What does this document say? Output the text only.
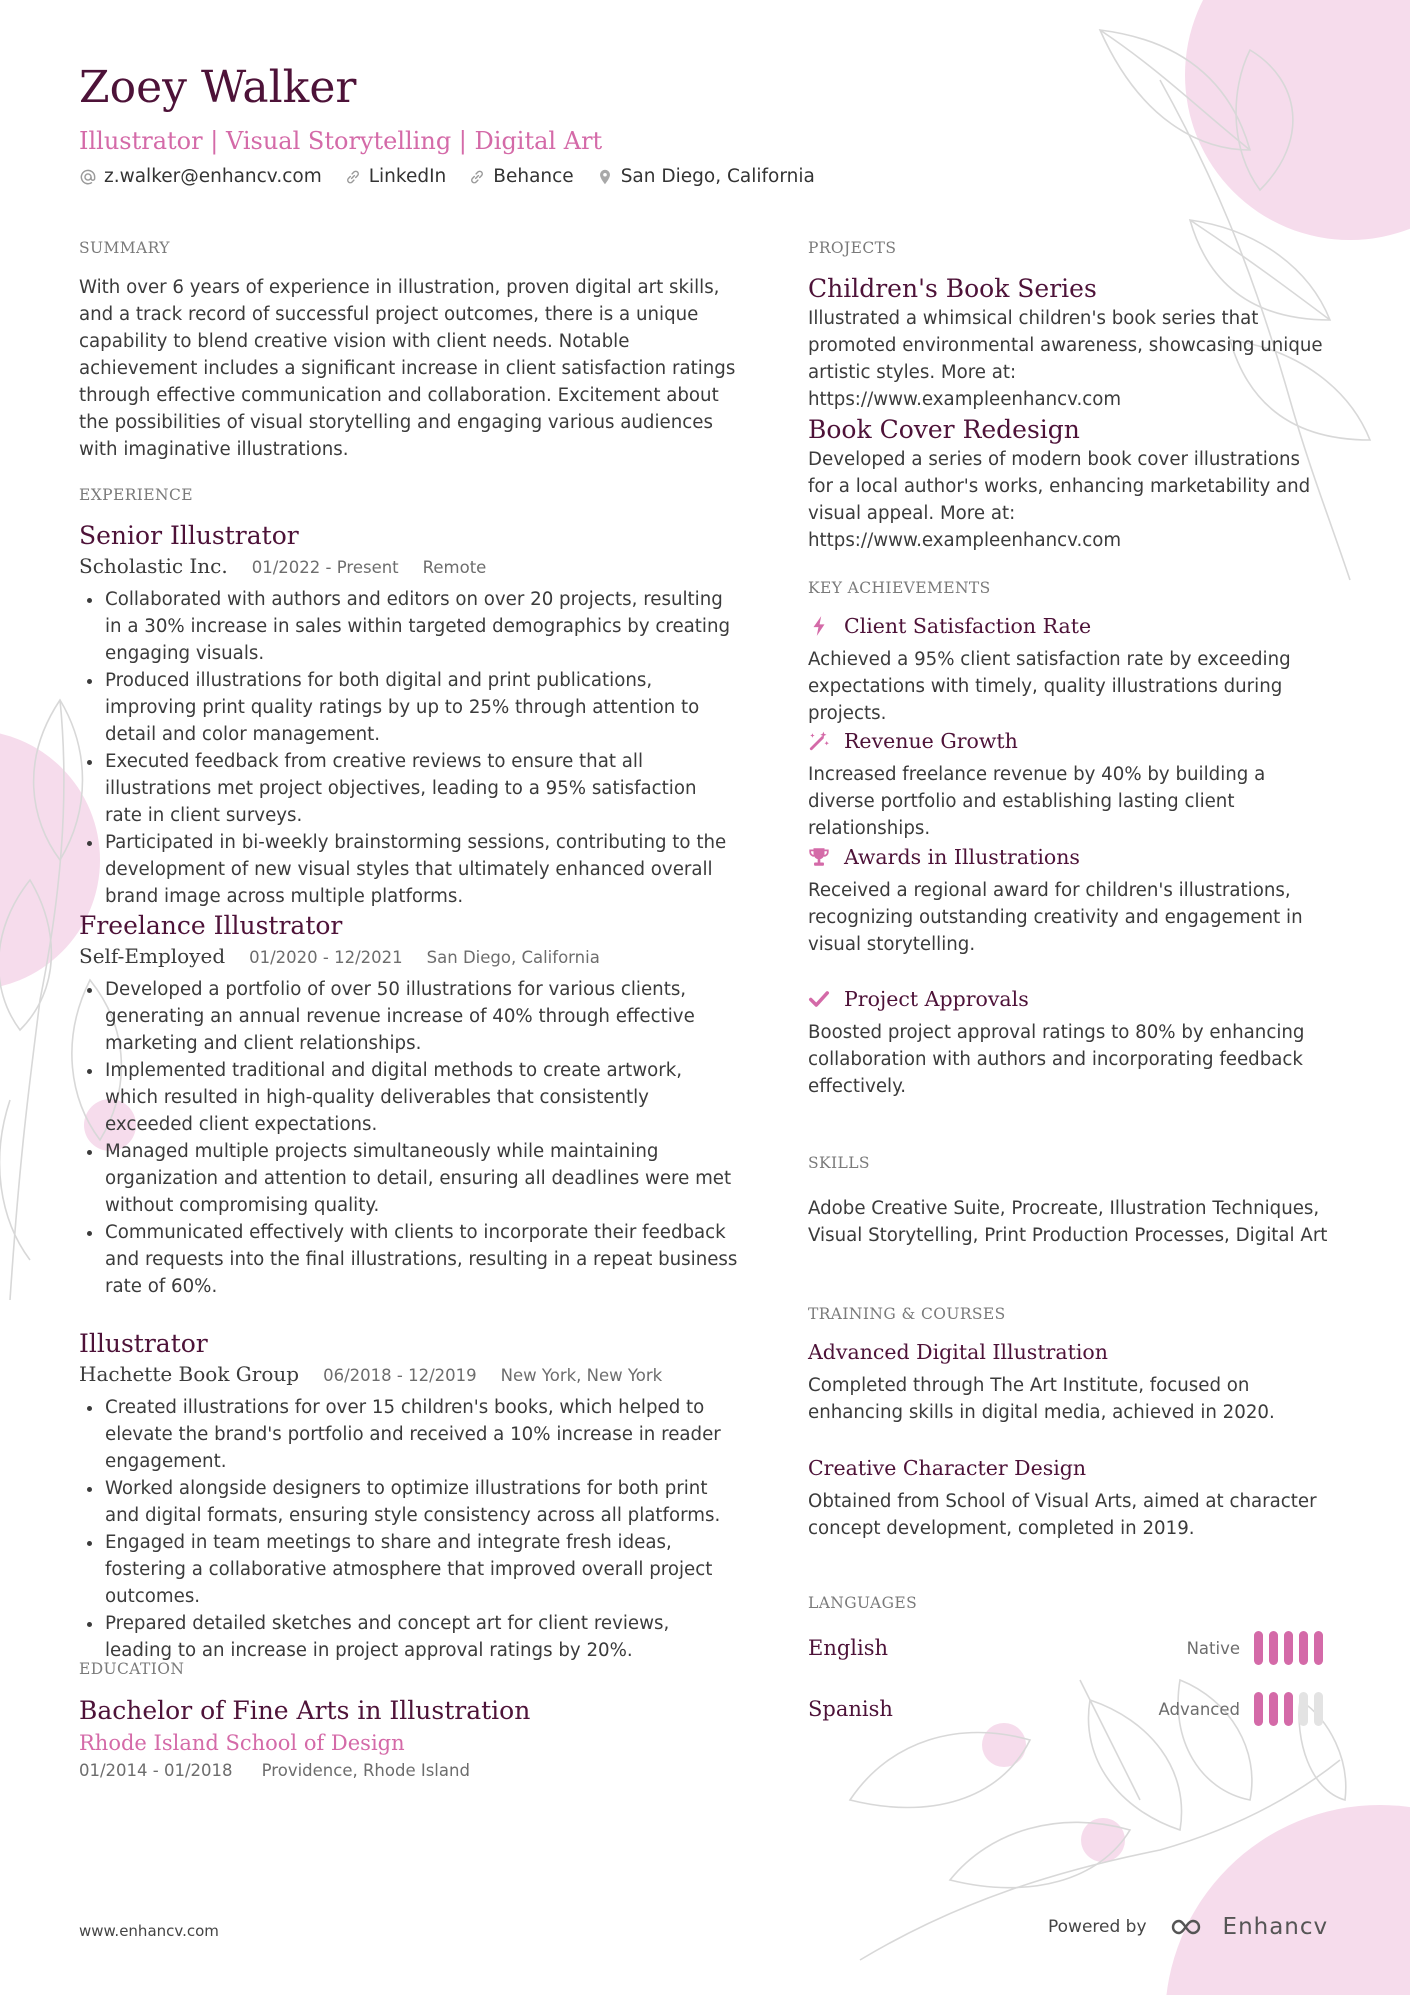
Zoey Walker
Illustrator | Visual Storytelling | Digital Art
z.walker@enhancv.com	LinkedIn	Behance	San Diego, California
SUMMARY

With over 6 years of experience in illustration, proven digital art skills, and a track record of successful project outcomes, there is a unique capability to blend creative vision with client needs. Notable achievement includes a significant increase in client satisfaction ratings through effective communication and collaboration. Excitement about the possibilities of visual storytelling and engaging various audiences with imaginative illustrations.

EXPERIENCE
Senior Illustrator
Scholastic Inc. 01/2022 - Present Remote
Collaborated with authors and editors on over 20 projects, resulting in a 30% increase in sales within targeted demographics by creating engaging visuals.
Produced illustrations for both digital and print publications, improving print quality ratings by up to 25% through attention to detail and color management.
Executed feedback from creative reviews to ensure that all illustrations met project objectives, leading to a 95% satisfaction rate in client surveys.
Participated in bi-weekly brainstorming sessions, contributing to the development of new visual styles that ultimately enhanced overall brand image across multiple platforms.
Freelance Illustrator
Self-Employed 01/2020 - 12/2021 San Diego, California
Developed a portfolio of over 50 illustrations for various clients, generating an annual revenue increase of 40% through effective marketing and client relationships.
Implemented traditional and digital methods to create artwork, which resulted in high-quality deliverables that consistently exceeded client expectations.
Managed multiple projects simultaneously while maintaining organization and attention to detail, ensuring all deadlines were met without compromising quality.
Communicated effectively with clients to incorporate their feedback and requests into the final illustrations, resulting in a repeat business rate of 60%.
Illustrator
Hachette Book Group 06/2018 - 12/2019 New York, New York
Created illustrations for over 15 children's books, which helped to elevate the brand's portfolio and received a 10% increase in reader engagement.
Worked alongside designers to optimize illustrations for both print and digital formats, ensuring style consistency across all platforms.
Engaged in team meetings to share and integrate fresh ideas, fostering a collaborative atmosphere that improved overall project outcomes.
Prepared detailed sketches and concept art for client reviews, leading to an increase in project approval ratings by 20%.
EDUCATION
Bachelor of Fine Arts in Illustration
Rhode Island School of Design
01/2014 - 01/2018 Providence, Rhode Island
PROJECTS
Children's Book Series

Illustrated a whimsical children's book series that promoted environmental awareness, showcasing unique artistic styles. More at: https://www.exampleenhancv.com

Book Cover Redesign

Developed a series of modern book cover illustrations for a local author's works, enhancing marketability and visual appeal. More at: https://www.exampleenhancv.com

KEY ACHIEVEMENTS
Client Satisfaction Rate

Achieved a 95% client satisfaction rate by exceeding expectations with timely, quality illustrations during projects.

Revenue Growth

Increased freelance revenue by 40% by building a diverse portfolio and establishing lasting client relationships.

Awards in Illustrations

Received a regional award for children's illustrations, recognizing outstanding creativity and engagement in visual storytelling.

Project Approvals

Boosted project approval ratings to 80% by enhancing collaboration with authors and incorporating feedback effectively.

SKILLS

Adobe Creative Suite, Procreate, Illustration Techniques, Visual Storytelling, Print Production Processes, Digital Art

TRAINING & COURSES
Advanced Digital Illustration

Completed through The Art Institute, focused on enhancing skills in digital media, achieved in 2020.

Creative Character Design

Obtained from School of Visual Arts, aimed at character concept development, completed in 2019.

LANGUAGES
English	Native
Spanish	Advanced
www.enhancv.com	Powered by	Enhancv
